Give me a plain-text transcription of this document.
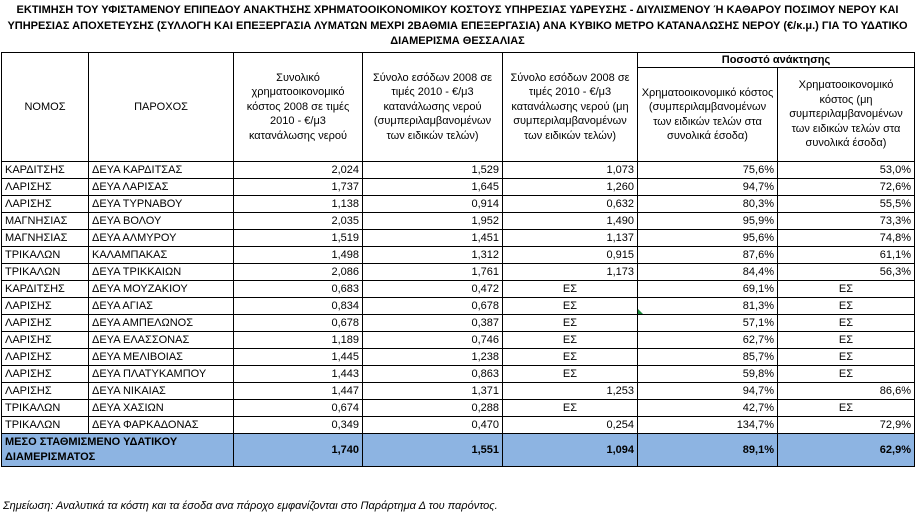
ΕΚΤΙΜΗΣΗ ΤΟΥ ΥΦΙΣΤΑΜΕΝΟΥ ΕΠΙΠΕΔΟΥ ΑΝΑΚΤΗΣΗΣ ΧΡΗΜΑΤΟΟΙΚΟΝΟΜΙΚΟΥ ΚΟΣΤΟΥΣ ΥΠΗΡΕΣΙΑΣ ΥΔΡΕΥΣΗΣ - ΔΙΥΛΙΣΜΕΝΟΥ Ή ΚΑΘΑΡΟΥ ΠΟΣΙΜΟΥ ΝΕΡΟΥ ΚΑΙ
ΥΠΗΡΕΣΙΑΣ ΑΠΟΧΕΤΕΥΣΗΣ (ΣΥΛΛΟΓΗ ΚΑΙ ΕΠΕΞΕΡΓΑΣΙΑ ΛΥΜΑΤΩΝ ΜΕΧΡΙ 2ΒΑΘΜΙΑ ΕΠΕΞΕΡΓΑΣΙΑ) ΑΝΑ ΚΥΒΙΚΟ ΜΕΤΡΟ ΚΑΤΑΝΑΛΩΣΗΣ ΝΕΡΟΥ (€/κ.μ.) ΓΙΑ ΤΟ ΥΔΑΤΙΚΟ
ΔΙΑΜΕΡΙΣΜΑ ΘΕΣΣΑΛΙΑΣ
ΝΟΜΟΣ	ΠΑΡΟΧΟΣ	Συνολικό χρηματοοικονομικό κόστος 2008 σε τιμές 2010 - €/μ3 κατανάλωσης νερού	Σύνολο εσόδων 2008 σε τιμές 2010 - €/μ3 κατανάλωσης νερού (συμπεριλαμβανομένων των ειδικών τελών)	Σύνολο εσόδων 2008 σε τιμές 2010 - €/μ3 κατανάλωσης νερού (μη συμπεριλαμβανομένων των ειδικών τελών)	Ποσοστό ανάκτησης	
					Χρηματοοικονομικό κόστος (συμπεριλαμβανομένων των ειδικών τελών στα συνολικά έσοδα)	Χρηματοοικονομικό κόστος (μη συμπεριλαμβανομένων των ειδικών τελών στα συνολικά έσοδα)
ΚΑΡΔΙΤΣΗΣ	ΔΕΥΑ ΚΑΡΔΙΤΣΑΣ	2,024	1,529	1,073	75,6%	53,0%
ΛΑΡΙΣΗΣ	ΔΕΥΑ ΛΑΡΙΣΑΣ	1,737	1,645	1,260	94,7%	72,6%
ΛΑΡΙΣΗΣ	ΔΕΥΑ ΤΥΡΝΑΒΟΥ	1,138	0,914	0,632	80,3%	55,5%
ΜΑΓΝΗΣΙΑΣ	ΔΕΥΑ ΒΟΛΟΥ	2,035	1,952	1,490	95,9%	73,3%
ΜΑΓΝΗΣΙΑΣ	ΔΕΥΑ ΑΛΜΥΡΟΥ	1,519	1,451	1,137	95,6%	74,8%
ΤΡΙΚΑΛΩΝ	ΚΑΛΑΜΠΑΚΑΣ	1,498	1,312	0,915	87,6%	61,1%
ΤΡΙΚΑΛΩΝ	ΔΕΥΑ ΤΡΙΚΚΑΙΩΝ	2,086	1,761	1,173	84,4%	56,3%
ΚΑΡΔΙΤΣΗΣ	ΔΕΥΑ ΜΟΥΖΑΚΙΟΥ	0,683	0,472	ΕΣ	69,1%	ΕΣ
ΛΑΡΙΣΗΣ	ΔΕΥΑ ΑΓΙΑΣ	0,834	0,678	ΕΣ	81,3%	ΕΣ
ΛΑΡΙΣΗΣ	ΔΕΥΑ ΑΜΠΕΛΩΝΟΣ	0,678	0,387	ΕΣ	57,1%	ΕΣ
ΛΑΡΙΣΗΣ	ΔΕΥΑ ΕΛΑΣΣΟΝΑΣ	1,189	0,746	ΕΣ	62,7%	ΕΣ
ΛΑΡΙΣΗΣ	ΔΕΥΑ ΜΕΛΙΒΟΙΑΣ	1,445	1,238	ΕΣ	85,7%	ΕΣ
ΛΑΡΙΣΗΣ	ΔΕΥΑ ΠΛΑΤΥΚΑΜΠΟΥ	1,443	0,863	ΕΣ	59,8%	ΕΣ
ΛΑΡΙΣΗΣ	ΔΕΥΑ ΝΙΚΑΙΑΣ	1,447	1,371	1,253	94,7%	86,6%
ΤΡΙΚΑΛΩΝ	ΔΕΥΑ ΧΑΣΙΩΝ	0,674	0,288	ΕΣ	42,7%	ΕΣ
ΤΡΙΚΑΛΩΝ	ΔΕΥΑ ΦΑΡΚΑΔΟΝΑΣ	0,349	0,470	0,254	134,7%	72,9%
ΜΕΣΟ ΣΤΑΘΜΙΣΜΕΝΟ ΥΔΑΤΙΚΟΥ ΔΙΑΜΕΡΙΣΜΑΤΟΣ		1,740	1,551	1,094	89,1%	62,9%
Σημείωση: Αναλυτικά τα κόστη και τα έσοδα ανα πάροχο εμφανίζονται στο Παράρτημα Δ του παρόντος.
